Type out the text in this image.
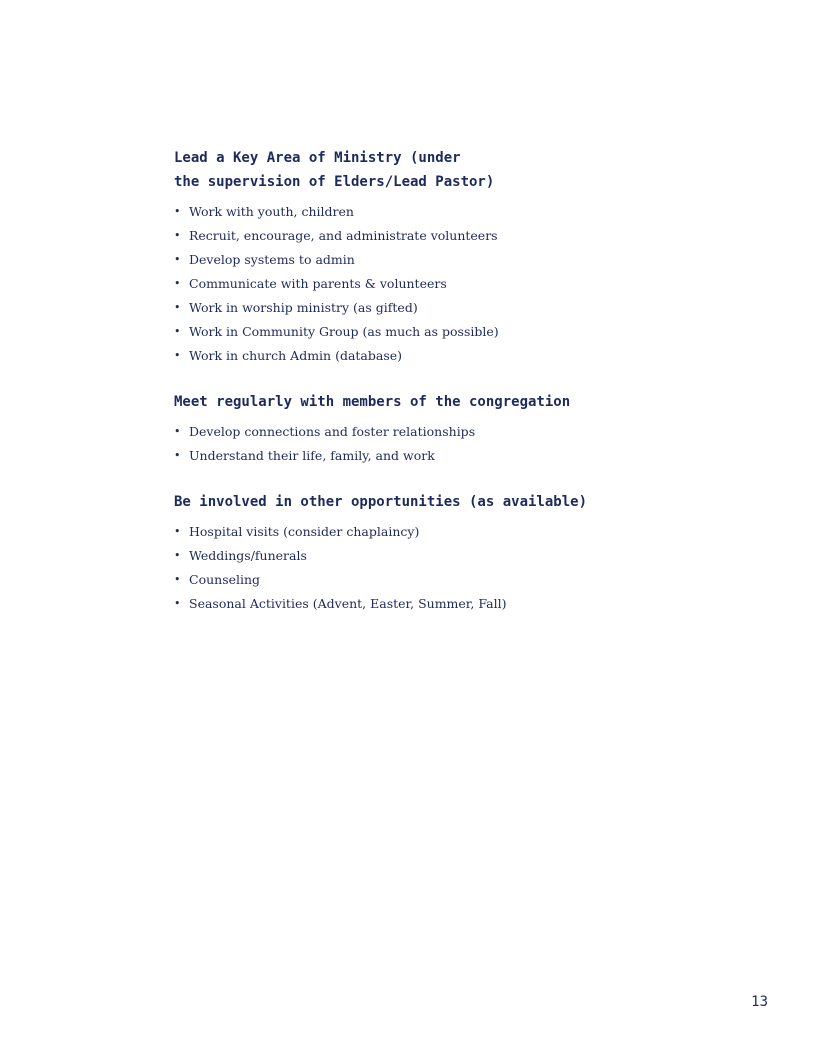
Lead a Key Area of Ministry (under
the supervision of Elders/Lead Pastor)
• Work with youth, children
• Recruit, encourage, and administrate volunteers
• Develop systems to admin
• Communicate with parents & volunteers
• Work in worship ministry (as gifted)
• Work in Community Group (as much as possible)
• Work in church Admin (database)
Meet regularly with members of the congregation
• Develop connections and foster relationships
• Understand their life, family, and work
Be involved in other opportunities (as available)
• Hospital visits (consider chaplaincy)
• Weddings/funerals
• Counseling
• Seasonal Activities (Advent, Easter, Summer, Fall)
13
